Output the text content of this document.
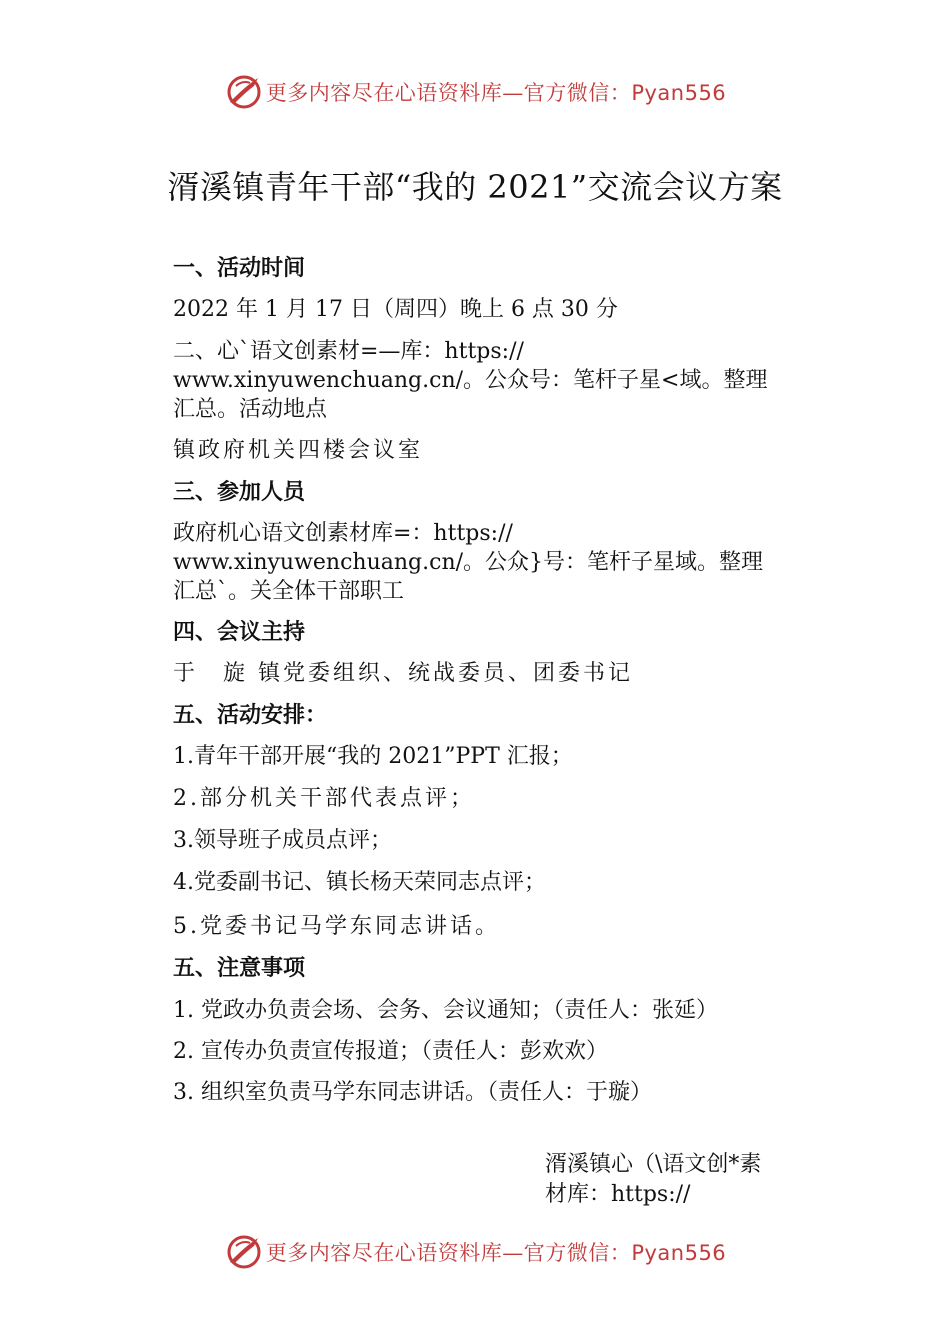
更多内容尽在心语资料库—官方微信：Pyan556
湑溪镇青年干部“我的 2021”交流会议方案

一、活动时间

2022 年 1 月 17 日（周四）晚上 6 点 30 分

二、心`语文创素材=—库：https://

www.xinyuwenchuang.cn/。公众号：笔杆子星<域。整理

汇总。活动地点

镇政府机关四楼会议室

三、参加人员

政府机心语文创素材库=：https://

www.xinyuwenchuang.cn/。公众}号：笔杆子星域。整理

汇总`。关全体干部职工

四、会议主持

于　旋 镇党委组织、统战委员、团委书记

五、活动安排：

1.青年干部开展“我的 2021”PPT 汇报；

2.部分机关干部代表点评；

3.领导班子成员点评；

4.党委副书记、镇长杨天荣同志点评；

5.党委书记马学东同志讲话。

五、注意事项

1. 党政办负责会场、会务、会议通知；（责任人：张延）

2. 宣传办负责宣传报道；（责任人：彭欢欢）

3. 组织室负责马学东同志讲话。（责任人：于璇）

湑溪镇心（\语文创*素

材库：https://

更多内容尽在心语资料库—官方微信：Pyan556
